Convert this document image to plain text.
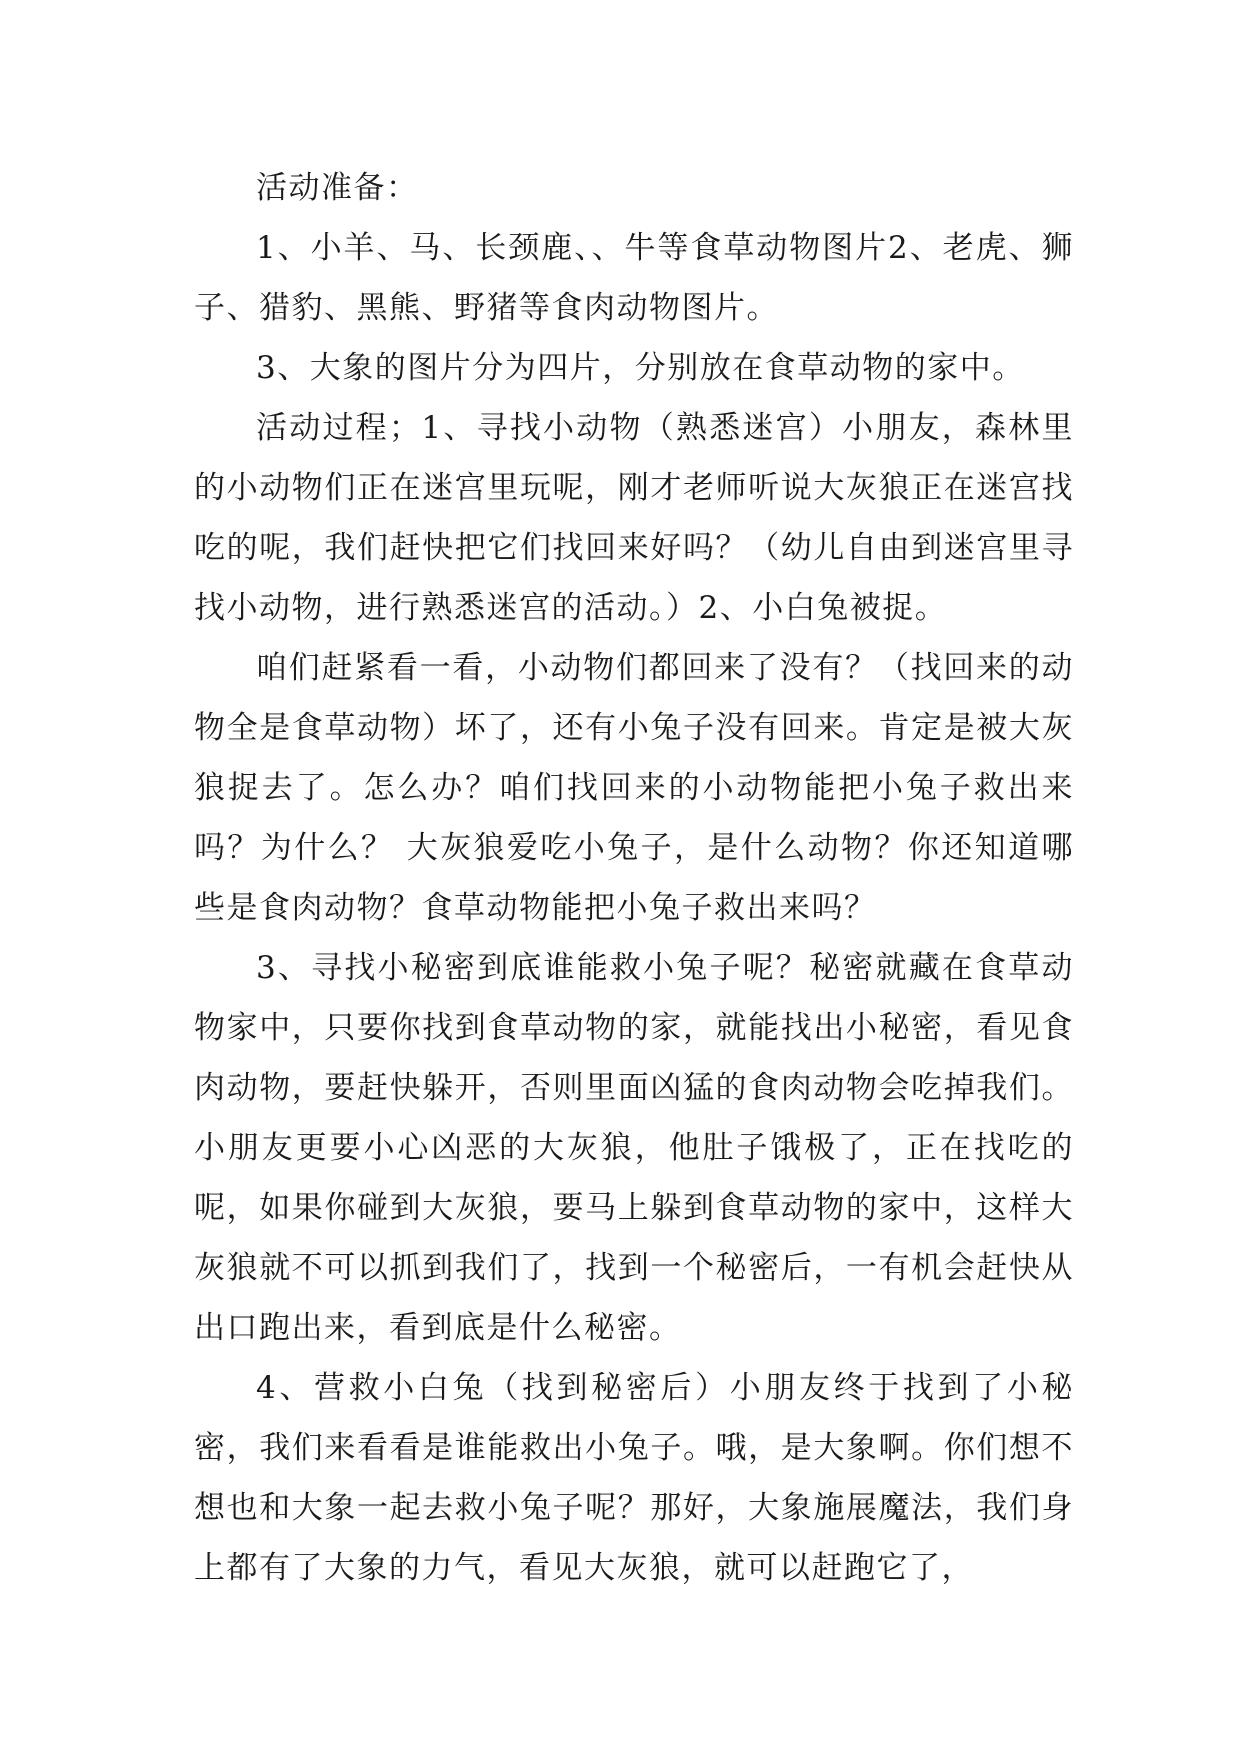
活动准备：

1、小羊、马、长颈鹿、、牛等食草动物图片2、老虎、狮子、猎豹、黑熊、野猪等食肉动物图片。

3、大象的图片分为四片，分别放在食草动物的家中。

活动过程；1、寻找小动物（熟悉迷宫）小朋友，森林里的小动物们正在迷宫里玩呢，刚才老师听说大灰狼正在迷宫找吃的呢，我们赶快把它们找回来好吗？（幼儿自由到迷宫里寻找小动物，进行熟悉迷宫的活动。）2、小白兔被捉。

咱们赶紧看一看，小动物们都回来了没有？（找回来的动物全是食草动物）坏了，还有小兔子没有回来。肯定是被大灰狼捉去了。怎么办？咱们找回来的小动物能把小兔子救出来吗？为什么？ 大灰狼爱吃小兔子，是什么动物？你还知道哪些是食肉动物？食草动物能把小兔子救出来吗？

3、寻找小秘密到底谁能救小兔子呢？秘密就藏在食草动物家中，只要你找到食草动物的家，就能找出小秘密，看见食肉动物，要赶快躲开，否则里面凶猛的食肉动物会吃掉我们。小朋友更要小心凶恶的大灰狼，他肚子饿极了，正在找吃的呢，如果你碰到大灰狼，要马上躲到食草动物的家中，这样大灰狼就不可以抓到我们了，找到一个秘密后，一有机会赶快从出口跑出来，看到底是什么秘密。

4、营救小白兔（找到秘密后）小朋友终于找到了小秘密，我们来看看是谁能救出小兔子。哦，是大象啊。你们想不想也和大象一起去救小兔子呢？那好，大象施展魔法，我们身上都有了大象的力气，看见大灰狼，就可以赶跑它了，
